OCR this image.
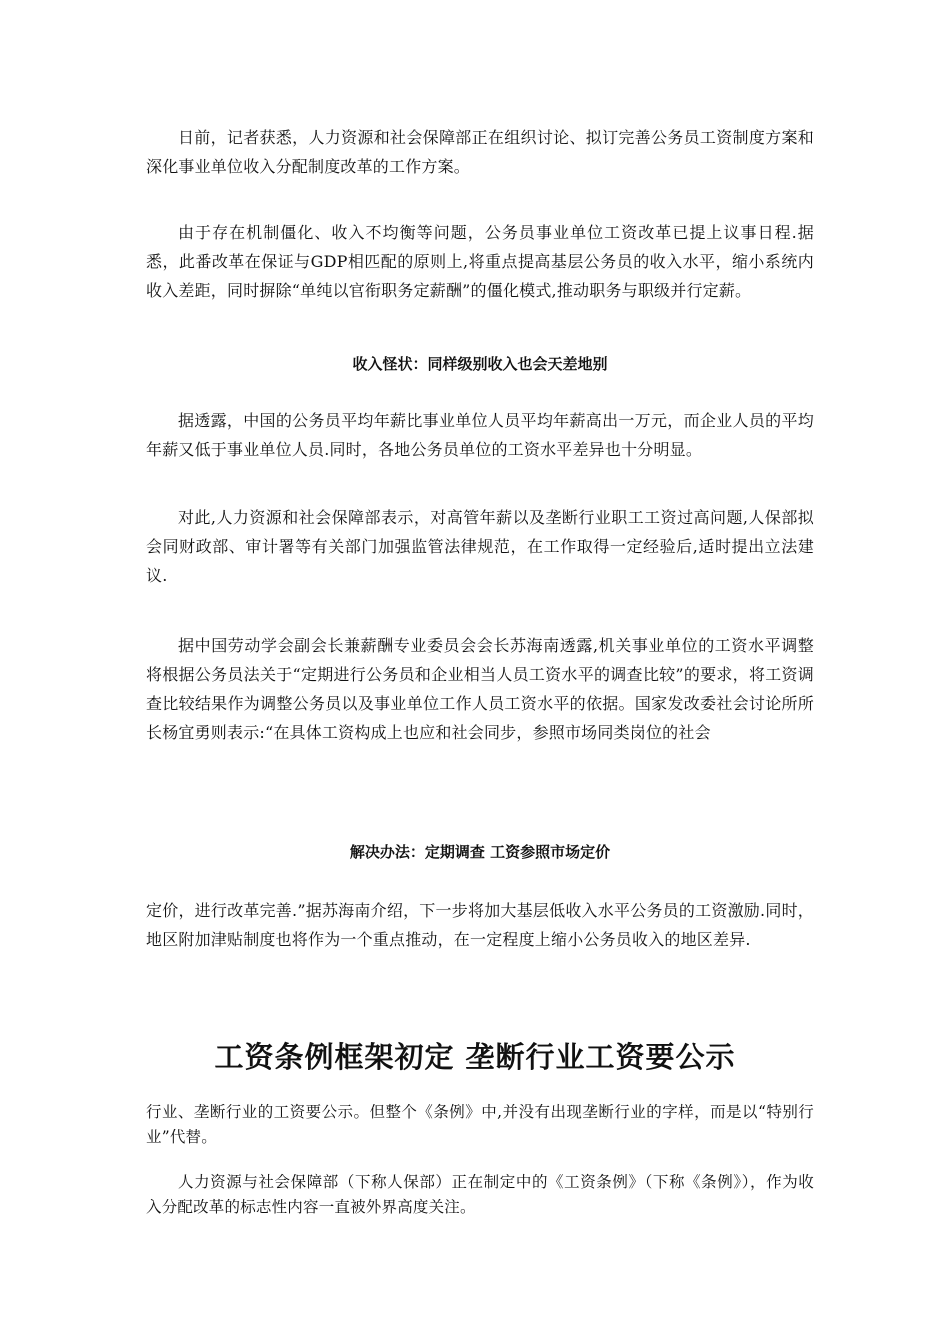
日前，记者获悉，人力资源和社会保障部正在组织讨论、拟订完善公务员工资制度方案和深化事业单位收入分配制度改革的工作方案。

由于存在机制僵化、收入不均衡等问题，公务员事业单位工资改革已提上议事日程.据悉，此番改革在保证与GDP相匹配的原则上,将重点提高基层公务员的收入水平，缩小系统内收入差距，同时摒除“单纯以官衔职务定薪酬”的僵化模式,推动职务与职级并行定薪。

收入怪状：同样级别收入也会天差地别

据透露，中国的公务员平均年薪比事业单位人员平均年薪高出一万元，而企业人员的平均年薪又低于事业单位人员.同时，各地公务员单位的工资水平差异也十分明显。

对此,人力资源和社会保障部表示，对高管年薪以及垄断行业职工工资过高问题,人保部拟会同财政部、审计署等有关部门加强监管法律规范，在工作取得一定经验后,适时提出立法建议.

据中国劳动学会副会长兼薪酬专业委员会会长苏海南透露,机关事业单位的工资水平调整将根据公务员法关于“定期进行公务员和企业相当人员工资水平的调查比较”的要求，将工资调查比较结果作为调整公务员以及事业单位工作人员工资水平的依据。国家发改委社会讨论所所长杨宜勇则表示:“在具体工资构成上也应和社会同步，参照市场同类岗位的社会

解决办法：定期调查 工资参照市场定价

定价，进行改革完善.”据苏海南介绍，下一步将加大基层低收入水平公务员的工资激励.同时，地区附加津贴制度也将作为一个重点推动，在一定程度上缩小公务员收入的地区差异.

工资条例框架初定 垄断行业工资要公示

行业、垄断行业的工资要公示。但整个《条例》中,并没有出现垄断行业的字样，而是以“特别行业”代替。

人力资源与社会保障部（下称人保部）正在制定中的《工资条例》（下称《条例》），作为收入分配改革的标志性内容一直被外界高度关注。
